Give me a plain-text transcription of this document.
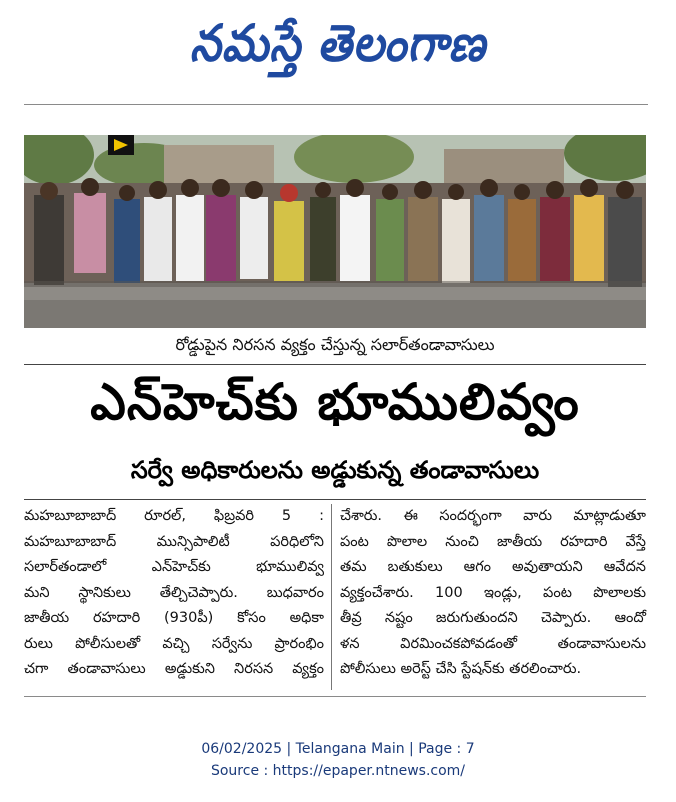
నమస్తే తెలంగాణ
రోడ్డుపైన నిరసన వ్యక్తం చేస్తున్న సలార్‌తండావాసులు
ఎన్‌హెచ్‌కు భూములివ్వం
సర్వే అధికారులను అడ్డుకున్న తండావాసులు
మహబూబాబాద్ రూరల్, ఫిబ్రవరి 5 :
మహబూబాబాద్ మున్సిపాలిటీ పరిధిలోని
సలార్‌తండాలో ఎన్‌హెచ్‌కు భూములివ్వ
మని స్థానికులు తేల్చిచెప్పారు. బుధవారం
జాతీయ రహదారి (930పీ) కోసం అధికా
రులు పోలీసులతో వచ్చి సర్వేను ప్రారంభిం
చగా తండావాసులు అడ్డుకుని నిరసన వ్యక్తం
చేశారు. ఈ సందర్భంగా వారు మాట్లాడుతూ
పంట పొలాల నుంచి జాతీయ రహదారి వేస్తే
తమ బతుకులు ఆగం అవుతాయని ఆవేదన
వ్యక్తంచేశారు. 100 ఇండ్లు, పంట పొలాలకు
తీవ్ర నష్టం జరుగుతుందని చెప్పారు. ఆందో
ళన విరమించకపోవడంతో తండావాసులను
పోలీసులు అరెస్ట్ చేసి స్టేషన్‌కు తరలించారు.
06/02/2025 | Telangana Main | Page : 7
Source : https://epaper.ntnews.com/
